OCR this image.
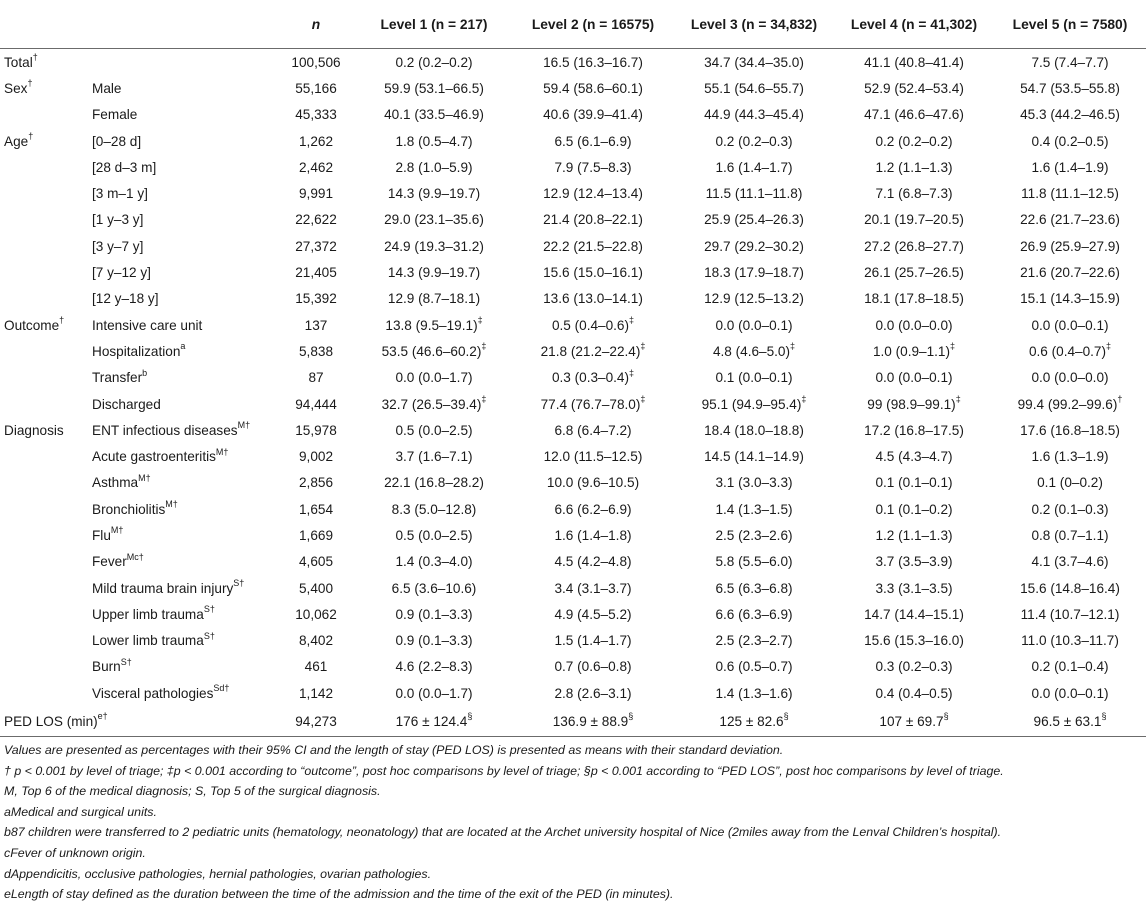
		n	Level 1 (n = 217)	Level 2 (n = 16575)	Level 3 (n = 34,832)	Level 4 (n = 41,302)	Level 5 (n = 7580)
Total†		100,506	0.2 (0.2–0.2)	16.5 (16.3–16.7)	34.7 (34.4–35.0)	41.1 (40.8–41.4)	7.5 (7.4–7.7)
Sex†	Male	55,166	59.9 (53.1–66.5)	59.4 (58.6–60.1)	55.1 (54.6–55.7)	52.9 (52.4–53.4)	54.7 (53.5–55.8)
	Female	45,333	40.1 (33.5–46.9)	40.6 (39.9–41.4)	44.9 (44.3–45.4)	47.1 (46.6–47.6)	45.3 (44.2–46.5)
Age†	[0–28 d]	1,262	1.8 (0.5–4.7)	6.5 (6.1–6.9)	0.2 (0.2–0.3)	0.2 (0.2–0.2)	0.4 (0.2–0.5)
	[28 d–3 m]	2,462	2.8 (1.0–5.9)	7.9 (7.5–8.3)	1.6 (1.4–1.7)	1.2 (1.1–1.3)	1.6 (1.4–1.9)
	[3 m–1 y]	9,991	14.3 (9.9–19.7)	12.9 (12.4–13.4)	11.5 (11.1–11.8)	7.1 (6.8–7.3)	11.8 (11.1–12.5)
	[1 y–3 y]	22,622	29.0 (23.1–35.6)	21.4 (20.8–22.1)	25.9 (25.4–26.3)	20.1 (19.7–20.5)	22.6 (21.7–23.6)
	[3 y–7 y]	27,372	24.9 (19.3–31.2)	22.2 (21.5–22.8)	29.7 (29.2–30.2)	27.2 (26.8–27.7)	26.9 (25.9–27.9)
	[7 y–12 y]	21,405	14.3 (9.9–19.7)	15.6 (15.0–16.1)	18.3 (17.9–18.7)	26.1 (25.7–26.5)	21.6 (20.7–22.6)
	[12 y–18 y]	15,392	12.9 (8.7–18.1)	13.6 (13.0–14.1)	12.9 (12.5–13.2)	18.1 (17.8–18.5)	15.1 (14.3–15.9)
Outcome†	Intensive care unit	137	13.8 (9.5–19.1)‡	0.5 (0.4–0.6)‡	0.0 (0.0–0.1)	0.0 (0.0–0.0)	0.0 (0.0–0.1)
	Hospitalization$^a$	5,838	53.5 (46.6–60.2)‡	21.8 (21.2–22.4)‡	4.8 (4.6–5.0)‡	1.0 (0.9–1.1)‡	0.6 (0.4–0.7)‡
	Transfer$^b$	87	0.0 (0.0–1.7)	0.3 (0.3–0.4)‡	0.1 (0.0–0.1)	0.0 (0.0–0.1)	0.0 (0.0–0.0)
	Discharged	94,444	32.7 (26.5–39.4)‡	77.4 (76.7–78.0)‡	95.1 (94.9–95.4)‡	99 (98.9–99.1)‡	99.4 (99.2–99.6)†
Diagnosis	ENT infectious diseases$^{M\dagger}$	15,978	0.5 (0.0–2.5)	6.8 (6.4–7.2)	18.4 (18.0–18.8)	17.2 (16.8–17.5)	17.6 (16.8–18.5)
	Acute gastroenteritis$^{M\dagger}$	9,002	3.7 (1.6–7.1)	12.0 (11.5–12.5)	14.5 (14.1–14.9)	4.5 (4.3–4.7)	1.6 (1.3–1.9)
	Asthma$^{M\dagger}$	2,856	22.1 (16.8–28.2)	10.0 (9.6–10.5)	3.1 (3.0–3.3)	0.1 (0.1–0.1)	0.1 (0–0.2)
	Bronchiolitis$^{M\dagger}$	1,654	8.3 (5.0–12.8)	6.6 (6.2–6.9)	1.4 (1.3–1.5)	0.1 (0.1–0.2)	0.2 (0.1–0.3)
	Flu$^{M\dagger}$	1,669	0.5 (0.0–2.5)	1.6 (1.4–1.8)	2.5 (2.3–2.6)	1.2 (1.1–1.3)	0.8 (0.7–1.1)
	Fever$^{Mc\dagger}$	4,605	1.4 (0.3–4.0)	4.5 (4.2–4.8)	5.8 (5.5–6.0)	3.7 (3.5–3.9)	4.1 (3.7–4.6)
	Mild trauma brain injury$^{S\dagger}$	5,400	6.5 (3.6–10.6)	3.4 (3.1–3.7)	6.5 (6.3–6.8)	3.3 (3.1–3.5)	15.6 (14.8–16.4)
	Upper limb trauma$^{S\dagger}$	10,062	0.9 (0.1–3.3)	4.9 (4.5–5.2)	6.6 (6.3–6.9)	14.7 (14.4–15.1)	11.4 (10.7–12.1)
	Lower limb trauma$^{S\dagger}$	8,402	0.9 (0.1–3.3)	1.5 (1.4–1.7)	2.5 (2.3–2.7)	15.6 (15.3–16.0)	11.0 (10.3–11.7)
	Burn$^{S\dagger}$	461	4.6 (2.2–8.3)	0.7 (0.6–0.8)	0.6 (0.5–0.7)	0.3 (0.2–0.3)	0.2 (0.1–0.4)
	Visceral pathologies$^{Sd\dagger}$	1,142	0.0 (0.0–1.7)	2.8 (2.6–3.1)	1.4 (1.3–1.6)	0.4 (0.4–0.5)	0.0 (0.0–0.1)
PED LOS $(\min)^{e\dagger}$		94,273	176 ± 124.4§	136.9 ± 88.9§	125 ± 82.6§	107 ± 69.7§	96.5 ± 63.1§
Values are presented as percentages with their 95% CI and the length of stay (PED LOS) is presented as means with their standard deviation.
† p < 0.001 by level of triage; ‡p < 0.001 according to “outcome”, post hoc comparisons by level of triage; §p < 0.001 according to “PED LOS”, post hoc comparisons by level of triage.
M, Top 6 of the medical diagnosis; S, Top 5 of the surgical diagnosis.
aMedical and surgical units.
b87 children were transferred to 2 pediatric units (hematology, neonatology) that are located at the Archet university hospital of Nice (2miles away from the Lenval Children’s hospital).
cFever of unknown origin.
dAppendicitis, occlusive pathologies, hernial pathologies, ovarian pathologies.
eLength of stay defined as the duration between the time of the admission and the time of the exit of the PED (in minutes).
